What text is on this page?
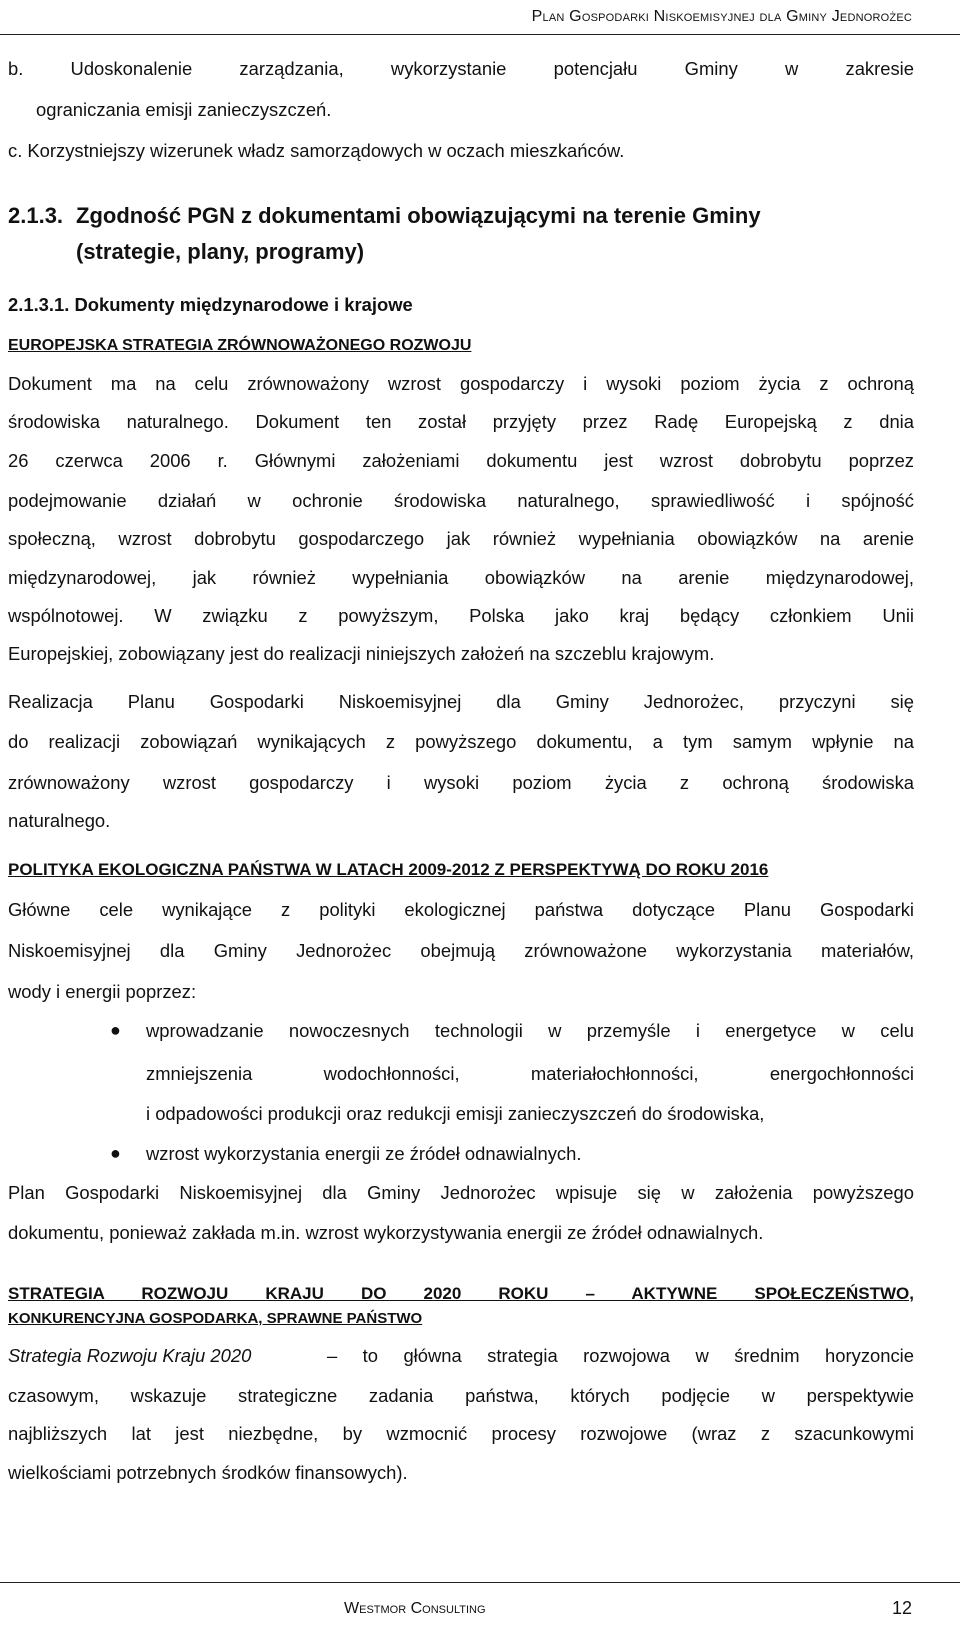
Plan Gospodarki Niskoemisyjnej dla Gminy Jednorożec
b. Udoskonalenie zarządzania, wykorzystanie potencjału Gminy w zakresie
ograniczania emisji zanieczyszczeń.
c. Korzystniejszy wizerunek władz samorządowych w oczach mieszkańców.
2.1.3. Zgodność PGN z dokumentami obowiązującymi na terenie Gminy
(strategie, plany, programy)
2.1.3.1. Dokumenty międzynarodowe i krajowe
EUROPEJSKA STRATEGIA ZRÓWNOWAŻONEGO ROZWOJU
Dokument ma na celu zrównoważony wzrost gospodarczy i wysoki poziom życia z ochroną
środowiska naturalnego. Dokument ten został przyjęty przez Radę Europejską z dnia
26 czerwca 2006 r. Głównymi założeniami dokumentu jest wzrost dobrobytu poprzez
podejmowanie działań w ochronie środowiska naturalnego, sprawiedliwość i spójność
społeczną, wzrost dobrobytu gospodarczego jak również wypełniania obowiązków na arenie
międzynarodowej, jak również wypełniania obowiązków na arenie międzynarodowej,
wspólnotowej. W związku z powyższym, Polska jako kraj będący członkiem Unii
Europejskiej, zobowiązany jest do realizacji niniejszych założeń na szczeblu krajowym.
Realizacja Planu Gospodarki Niskoemisyjnej dla Gminy Jednorożec, przyczyni się
do realizacji zobowiązań wynikających z powyższego dokumentu, a tym samym wpłynie na
zrównoważony wzrost gospodarczy i wysoki poziom życia z ochroną środowiska
naturalnego.
POLITYKA EKOLOGICZNA PAŃSTWA W LATACH 2009-2012 Z PERSPEKTYWĄ DO ROKU 2016
Główne cele wynikające z polityki ekologicznej państwa dotyczące Planu Gospodarki
Niskoemisyjnej dla Gminy Jednorożec obejmują zrównoważone wykorzystania materiałów,
wody i energii poprzez:
● wprowadzanie nowoczesnych technologii w przemyśle i energetyce w celu
zmniejszenia wodochłonności, materiałochłonności, energochłonności
i odpadowości produkcji oraz redukcji emisji zanieczyszczeń do środowiska,
● wzrost wykorzystania energii ze źródeł odnawialnych.
Plan Gospodarki Niskoemisyjnej dla Gminy Jednorożec wpisuje się w założenia powyższego
dokumentu, ponieważ zakłada m.in. wzrost wykorzystywania energii ze źródeł odnawialnych.
STRATEGIA ROZWOJU KRAJU DO 2020 ROKU – AKTYWNE SPOŁECZEŃSTWO,
KONKURENCYJNA GOSPODARKA, SPRAWNE PAŃSTWO
Strategia Rozwoju Kraju 2020	– to główna strategia rozwojowa w średnim horyzoncie
czasowym, wskazuje strategiczne zadania państwa, których podjęcie w perspektywie
najbliższych lat jest niezbędne, by wzmocnić procesy rozwojowe (wraz z szacunkowymi
wielkościami potrzebnych środków finansowych).
Westmor Consulting	12
